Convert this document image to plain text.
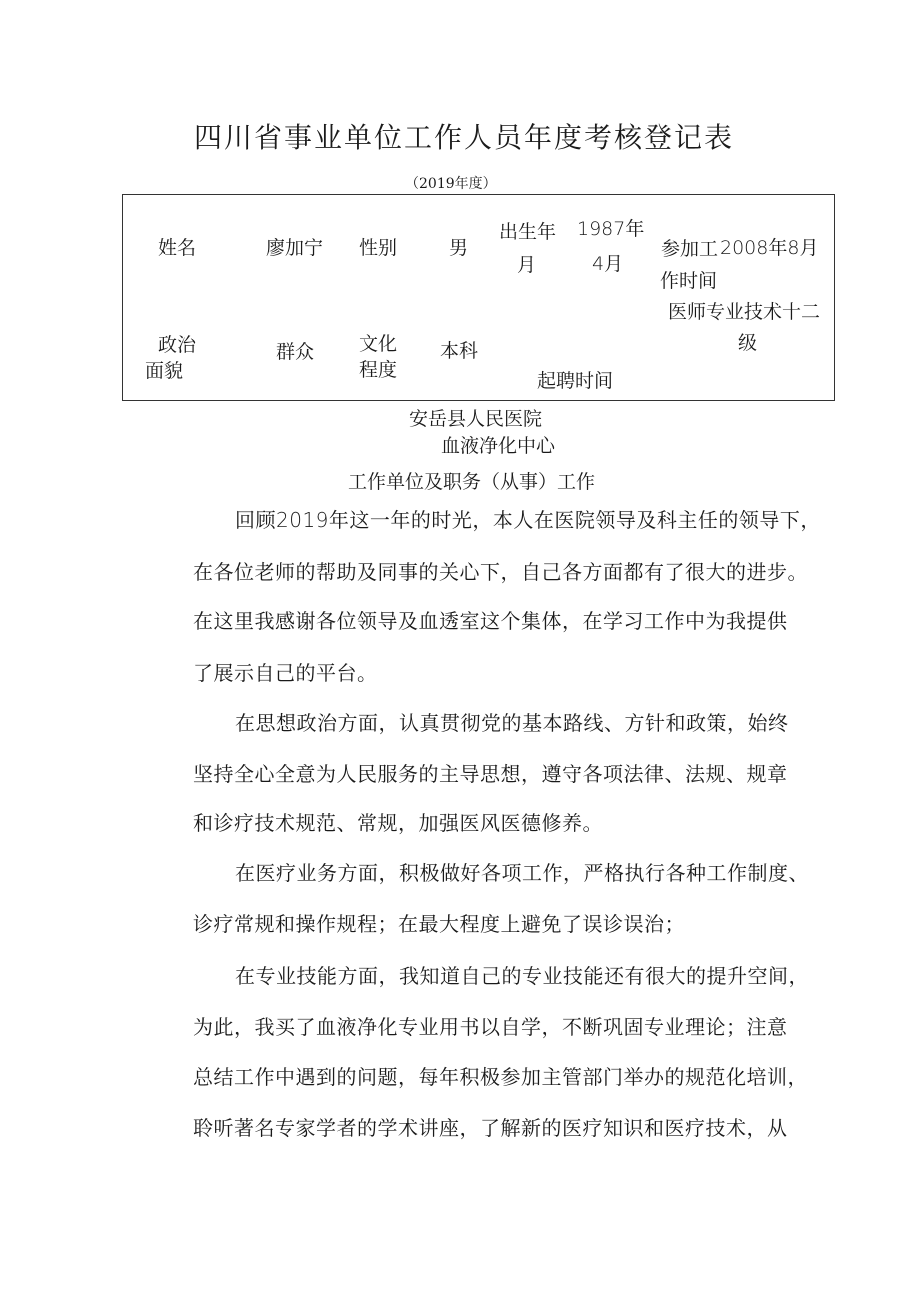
四川省事业单位工作人员年度考核登记表
（2019年度）
姓名	廖加宁 性别	男
出生年
月
1987年
4月
参加工 2008年8月
作时间
医师专业技术十二
级
政治
面貌
群众 文化
程度
本科
起聘时间
安岳县人民医院
血液净化中心
工作单位及职务（从事）工作
回顾2019年这一年的时光，本人在医院领导及科主任的领导下，
在各位老师的帮助及同事的关心下，自己各方面都有了很大的进步。
在这里我感谢各位领导及血透室这个集体，在学习工作中为我提供
了展示自己的平台。
在思想政治方面，认真贯彻党的基本路线、方针和政策，始终
坚持全心全意为人民服务的主导思想，遵守各项法律、法规、规章
和诊疗技术规范、常规，加强医风医德修养。
在医疗业务方面，积极做好各项工作，严格执行各种工作制度、
诊疗常规和操作规程；在最大程度上避免了误诊误治；
在专业技能方面，我知道自己的专业技能还有很大的提升空间，
为此，我买了血液净化专业用书以自学，不断巩固专业理论；注意
总结工作中遇到的问题，每年积极参加主管部门举办的规范化培训，
聆听著名专家学者的学术讲座，了解新的医疗知识和医疗技术，从
